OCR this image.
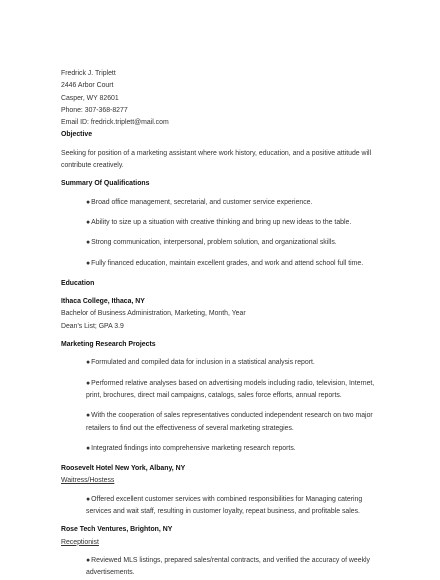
Fredrick J. Triplett
2446 Arbor Court
Casper, WY 82601
Phone: 307-368-8277
Email ID: fredrick.triplett@mail.com
Objective
Seeking for position of a marketing assistant where work history, education, and a positive attitude will contribute creatively.
Summary Of Qualifications
●Broad office management, secretarial, and customer service experience.
●Ability to size up a situation with creative thinking and bring up new ideas to the table.
●Strong communication, interpersonal, problem solution, and organizational skills.
●Fully financed education, maintain excellent grades, and work and attend school full time.
Education
Ithaca College, Ithaca, NY
Bachelor of Business Administration, Marketing, Month, Year
Dean's List; GPA 3.9
Marketing Research Projects
●Formulated and compiled data for inclusion in a statistical analysis report.
●Performed relative analyses based on advertising models including radio, television, Internet, print, brochures, direct mail campaigns, catalogs, sales force efforts, annual reports.
●With the cooperation of sales representatives conducted independent research on two major retailers to find out the effectiveness of several marketing strategies.
●Integrated findings into comprehensive marketing research reports.
Roosevelt Hotel New York, Albany, NY
Waitress/Hostess
●Offered excellent customer services with combined responsibilities for Managing catering services and wait staff, resulting in customer loyalty, repeat business, and profitable sales.
Rose Tech Ventures, Brighton, NY
Receptionist
●Reviewed MLS listings, prepared sales/rental contracts, and verified the accuracy of weekly advertisements.
